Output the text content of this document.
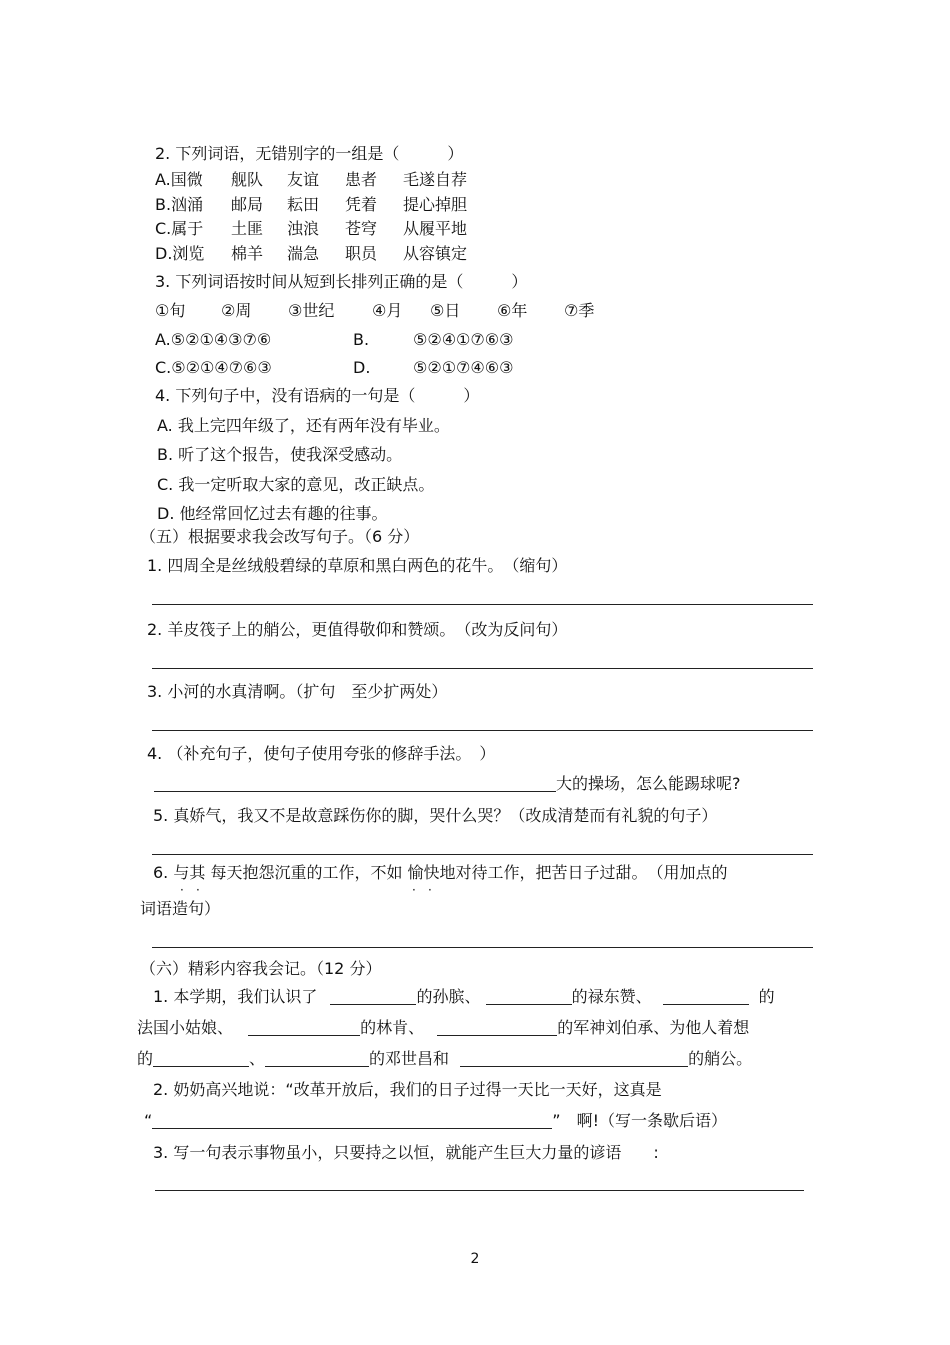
2. 下列词语，无错别字的一组是（　　　）
A.国微 舰队 友谊 患者 毛遂自荐
B.汹涌 邮局 耘田 凭着 提心掉胆
C.属于 土匪 浊浪 苍穹 从履平地
D.浏览 棉羊 湍急 职员 从容镇定
3. 下列词语按时间从短到长排列正确的是（　　　）
①旬 ②周 ③世纪 ④月 ⑤日 ⑥年 ⑦季
A.⑤②①④③⑦⑥	B.	⑤②④①⑦⑥③
C.⑤②①④⑦⑥③	D.	⑤②①⑦④⑥③
4. 下列句子中，没有语病的一句是（　　　）
A. 我上完四年级了，还有两年没有毕业。
B. 听了这个报告，使我深受感动。
C. 我一定听取大家的意见，改正缺点。
D. 他经常回忆过去有趣的往事。
（五）根据要求我会改写句子。（6 分）
1. 四周全是丝绒般碧绿的草原和黑白两色的花牛。　（缩句）
2. 羊皮筏子上的艄公，更值得敬仰和赞颂。　（改为反问句）
3. 小河的水真清啊。（扩句　至少扩两处）
4. （补充句子，使句子使用夸张的修辞手法。　）
大的操场，怎么能踢球呢?
5. 真娇气，我又不是故意踩伤你的脚，哭什么哭？（改成清楚而有礼貌的句子）
6. 与其 每天抱怨沉重的工作，不如 愉快地对待工作，把苦日子过甜。　（用加点的
· ·	· ·
词语造句）
（六）精彩内容我会记。（12 分）
1. 本学期，我们认识了	的孙膑、	的禄东赞、	的
法国小姑娘、	的林肯、	的军神刘伯承、为他人着想
的	、	的邓世昌和	的艄公。
2. 奶奶高兴地说：“改革开放后，我们的日子过得一天比一天好，这真是
“	”　啊!（写一条歇后语）
3. 写一句表示事物虽小，只要持之以恒，就能产生巨大力量的谚语　　:
2
